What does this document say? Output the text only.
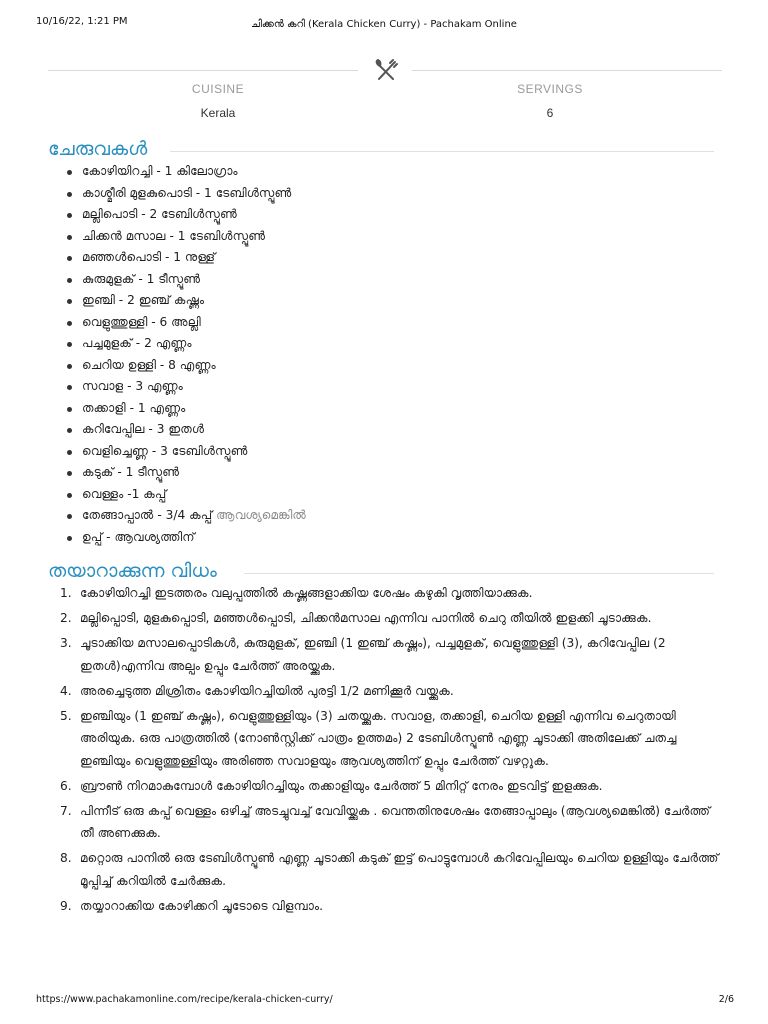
10/16/22, 1:21 PM	ചിക്കൻ കറി (Kerala Chicken Curry) - Pachakam Online
CUISINE
Kerala
SERVINGS
6
ചേരുവകൾ
കോഴിയിറച്ചി - 1 കിലോഗ്രാം
കാശ്മീരി മുളകുപൊടി - 1 ടേബിൾസ്പൂൺ
മല്ലിപൊടി - 2 ടേബിൾസ്പൂൺ
ചിക്കൻ മസാല - 1 ടേബിൾസ്പൂൺ
മഞ്ഞൾപൊടി - 1 നുള്ള്
കുരുമുളക് - 1 ടീസ്പൂൺ
ഇഞ്ചി - 2 ഇഞ്ച് കഷ്ണം
വെളുത്തുള്ളി - 6 അല്ലി
പച്ചമുളക് - 2 എണ്ണം
ചെറിയ ഉള്ളി - 8 എണ്ണം
സവാള - 3 എണ്ണം
തക്കാളി - 1 എണ്ണം
കറിവേപ്പില - 3 ഇതൾ
വെളിച്ചെണ്ണ - 3 ടേബിൾസ്പൂൺ
കടുക് - 1 ടീസ്പൂൺ
വെള്ളം -1 കപ്പ്
തേങ്ങാപ്പാൽ - 3/4 കപ്പ് ആവശ്യമെങ്കിൽ
ഉപ്പ് - ആവശ്യത്തിന്
തയാറാക്കുന്ന വിധം
1. കോഴിയിറച്ചി ഇടത്തരം വലുപ്പത്തിൽ കഷ്ണങ്ങളാക്കിയ ശേഷം കഴുകി വൃത്തിയാക്കുക.
2. മല്ലിപ്പൊടി, മുളകുപ്പൊടി, മഞ്ഞൾപ്പൊടി, ചിക്കൻമസാല എന്നിവ പാനിൽ ചെറു തീയിൽ ഇളക്കി ചൂടാക്കുക.
3. ചൂടാക്കിയ മസാലപ്പൊടികൾ, കുരുമുളക്, ഇഞ്ചി (1 ഇഞ്ച് കഷ്ണം), പച്ചമുളക്, വെളുത്തുള്ളി (3), കറിവേപ്പില (2 ഇതൾ)എന്നിവ അല്പം ഉപ്പും ചേർത്ത് അരയ്ക്കുക.
4. അരച്ചെടുത്ത മിശ്രിതം കോഴിയിറച്ചിയിൽ പുരട്ടി 1/2 മണിക്കൂർ വയ്ക്കുക.
5. ഇഞ്ചിയും (1 ഇഞ്ച് കഷ്ണം), വെളുത്തുള്ളിയും (3) ചതയ്ക്കുക. സവാള, തക്കാളി, ചെറിയ ഉള്ളി എന്നിവ ചെറുതായി അരിയുക. ഒരു പാത്രത്തിൽ (നോൺസ്റ്റിക്ക് പാത്രം ഉത്തമം) 2 ടേബിൾസ്പൂൺ എണ്ണ ചൂടാക്കി അതിലേക്ക് ചതച്ച ഇഞ്ചിയും വെളുത്തുള്ളിയും അരിഞ്ഞ സവാളയും ആവശ്യത്തിന് ഉപ്പും ചേർത്ത് വഴറ്റുക.
6. ബ്രൗൺ നിറമാകുമ്പോൾ കോഴിയിറച്ചിയും തക്കാളിയും ചേർത്ത് 5 മിനിറ്റ് നേരം ഇടവിട്ട് ഇളക്കുക.
7. പിന്നീട് ഒരു കപ്പ് വെള്ളം ഒഴിച്ച് അടച്ചുവച്ച് വേവിയ്ക്കുക . വെന്തതിനുശേഷം തേങ്ങാപ്പാലും (ആവശ്യമെങ്കിൽ) ചേർത്ത് തീ അണക്കുക.
8. മറ്റൊരു പാനിൽ ഒരു ടേബിൾസ്പൂൺ എണ്ണ ചൂടാക്കി കടുക് ഇട്ട് പൊട്ടുമ്പോൾ കറിവേപ്പിലയും ചെറിയ ഉള്ളിയും ചേർത്ത് മൂപ്പിച്ച് കറിയിൽ ചേർക്കുക.
9. തയ്യാറാക്കിയ കോഴിക്കറി ചൂടോടെ വിളമ്പാം.
https://www.pachakamonline.com/recipe/kerala-chicken-curry/	2/6
